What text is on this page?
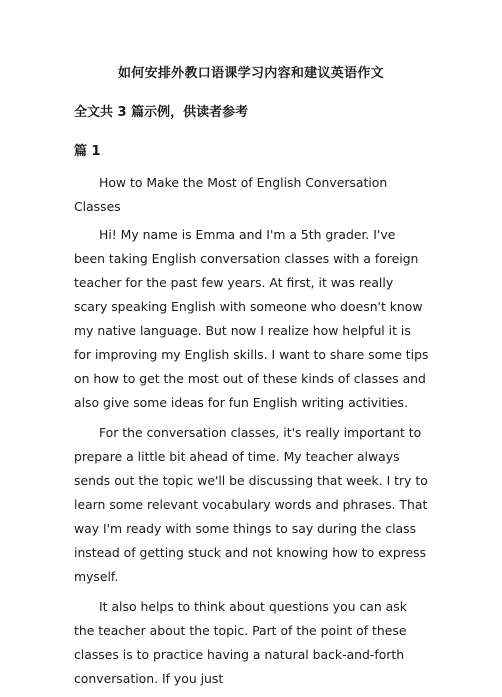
如何安排外教口语课学习内容和建议英语作文
全文共 3 篇示例，供读者参考
篇 1

How to Make the Most of English Conversation Classes

Hi! My name is Emma and I'm a 5th grader. I've been taking English conversation classes with a foreign teacher for the past few years. At first, it was really scary speaking English with someone who doesn't know my native language. But now I realize how helpful it is for improving my English skills. I want to share some tips on how to get the most out of these kinds of classes and also give some ideas for fun English writing activities.

For the conversation classes, it's really important to prepare a little bit ahead of time. My teacher always sends out the topic we'll be discussing that week. I try to learn some relevant vocabulary words and phrases. That way I'm ready with some things to say during the class instead of getting stuck and not knowing how to express myself.

It also helps to think about questions you can ask the teacher about the topic. Part of the point of these classes is to practice having a natural back-and-forth conversation. If you just
